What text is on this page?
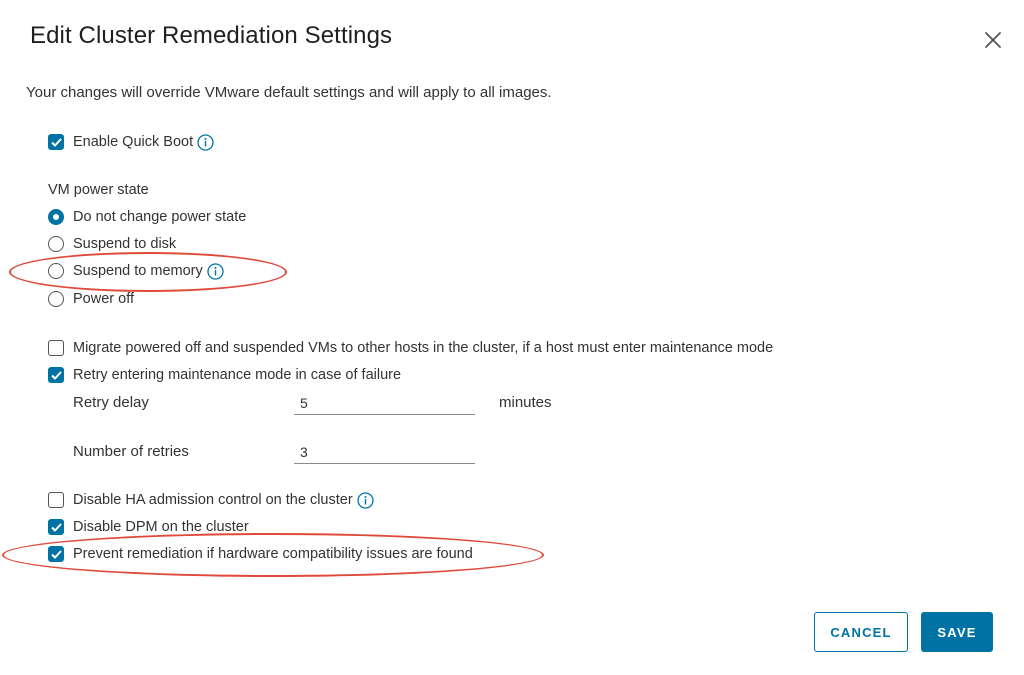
Edit Cluster Remediation Settings
Your changes will override VMware default settings and will apply to all images.
Enable Quick Boot
VM power state
Do not change power state
Suspend to disk
Suspend to memory
Power off
Migrate powered off and suspended VMs to other hosts in the cluster, if a host must enter maintenance mode
Retry entering maintenance mode in case of failure
Retry delay
5	minutes
Number of retries
3
Disable HA admission control on the cluster
Disable DPM on the cluster
Prevent remediation if hardware compatibility issues are found
CANCEL	SAVE
